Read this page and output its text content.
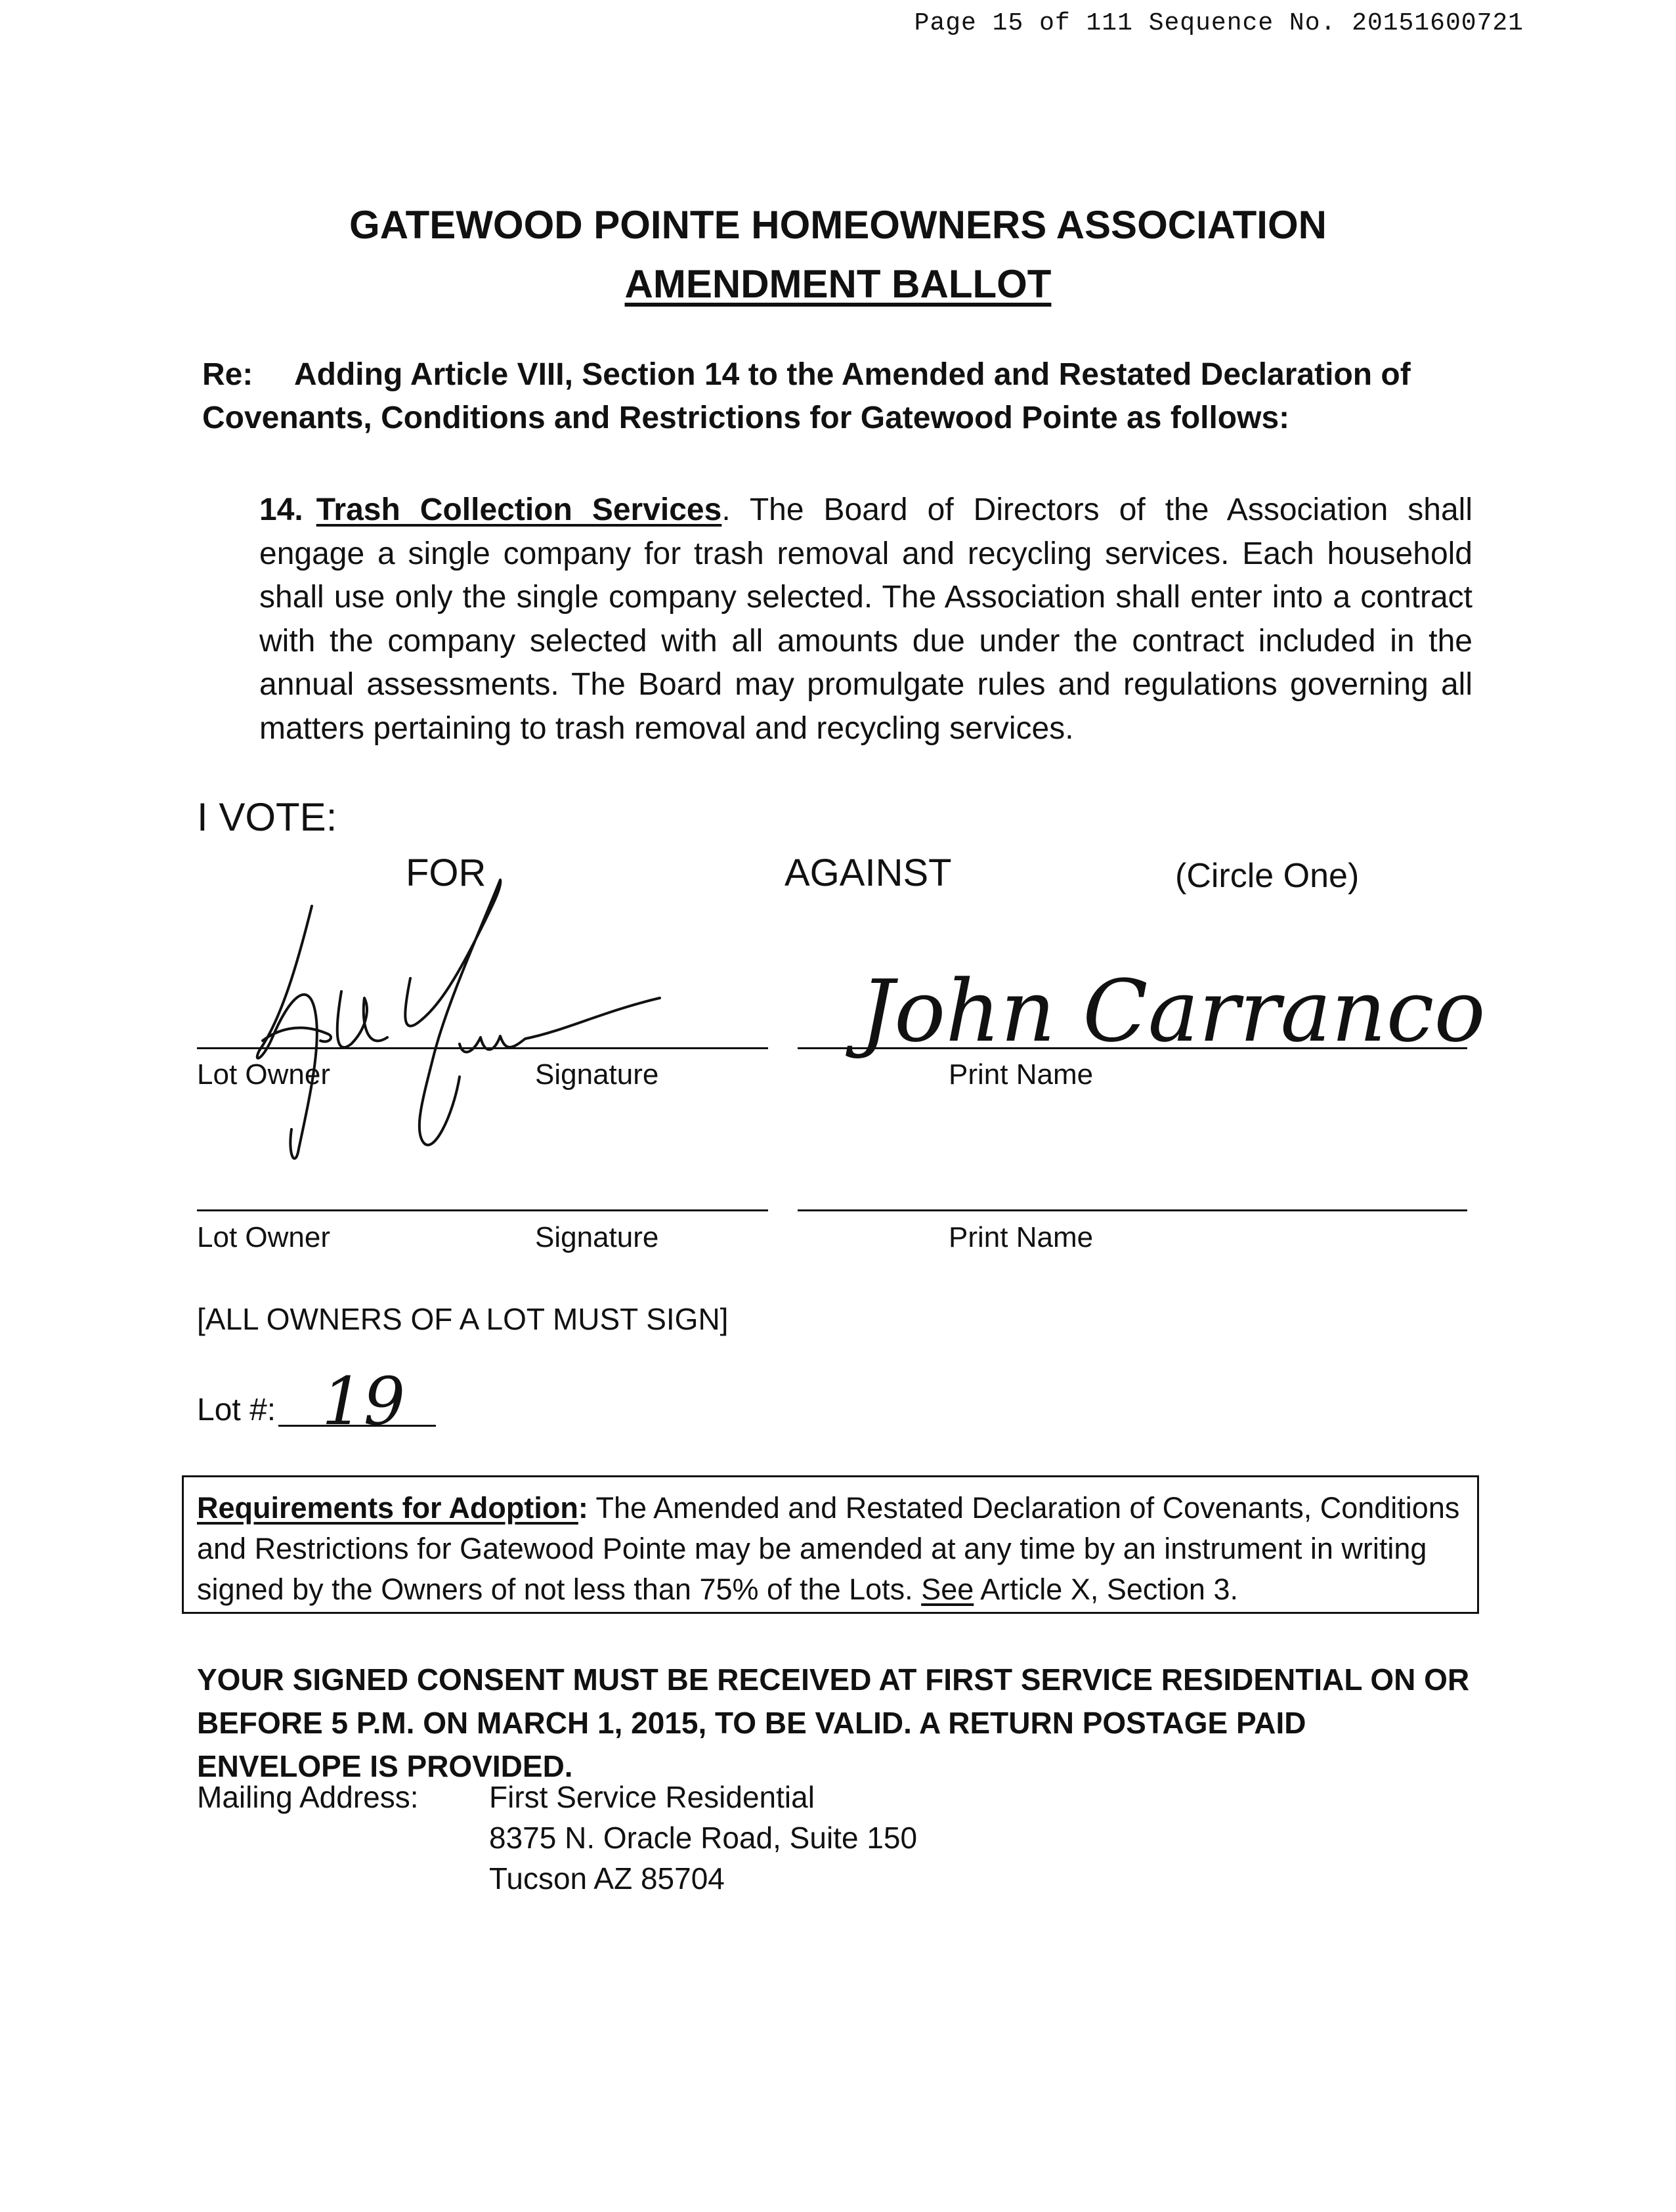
Page 15 of 111 Sequence No. 20151600721
GATEWOOD POINTE HOMEOWNERS ASSOCIATION
AMENDMENT BALLOT
Re: Adding Article VIII, Section 14 to the Amended and Restated Declaration of Covenants, Conditions and Restrictions for Gatewood Pointe as follows:
14. Trash Collection Services. The Board of Directors of the Association shall engage a single company for trash removal and recycling services. Each household shall use only the single company selected. The Association shall enter into a contract with the company selected with all amounts due under the contract included in the annual assessments. The Board may promulgate rules and regulations governing all matters pertaining to trash removal and recycling services.
I VOTE:
FOR	AGAINST	(Circle One)
John Carranco
Lot Owner	Signature	Print Name
Lot Owner	Signature	Print Name
[ALL OWNERS OF A LOT MUST SIGN]
Lot #: 19
Requirements for Adoption: The Amended and Restated Declaration of Covenants, Conditions and Restrictions for Gatewood Pointe may be amended at any time by an instrument in writing signed by the Owners of not less than 75% of the Lots. See Article X, Section 3.
YOUR SIGNED CONSENT MUST BE RECEIVED AT FIRST SERVICE RESIDENTIAL ON OR BEFORE 5 P.M. ON MARCH 1, 2015, TO BE VALID. A RETURN POSTAGE PAID ENVELOPE IS PROVIDED.
Mailing Address: First Service Residential
8375 N. Oracle Road, Suite 150
Tucson AZ 85704
